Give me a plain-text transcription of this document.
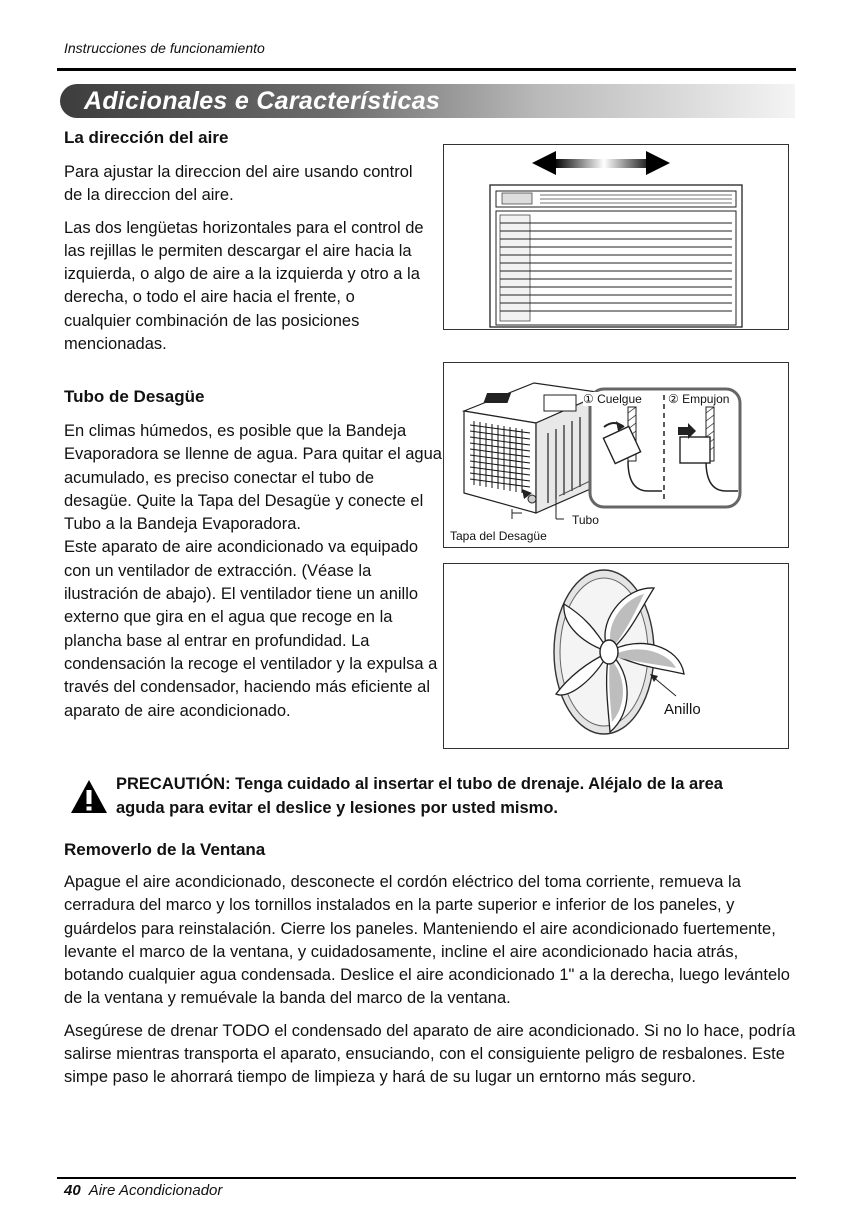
Instrucciones de funcionamiento
Adicionales e Características
La dirección del aire

Para ajustar la direccion del aire usando control de la direccion del aire.

Las dos lengüetas horizontales para el control de las rejillas le permiten descargar el aire hacia la izquierda, o algo de aire a la izquierda y otro a la derecha, o todo el aire hacia el frente, o cualquier combinación de las posiciones mencionadas.

Tubo de Desagüe

En climas húmedos, es posible que la Bandeja Evaporadora se llenne de agua. Para quitar el agua acumulado, es preciso conectar el tubo de desagüe. Quite la Tapa del Desagüe y conecte el Tubo a la Bandeja Evaporadora.

Este aparato de aire acondicionado va equipado con un ventilador de extracción. (Véase la ilustración de abajo). El ventilador tiene un anillo externo que gira en el agua que recoge en la plancha base al entrar en profundidad. La condensación la recoge el ventilador y la expulsa a través del condensador, haciendo más eficiente al aparato de aire acondicionado.

① Cuelgue ② Empujon
Tubo
Tapa del Desagüe
Anillo
PRECAUTIÓN: Tenga cuidado al insertar el tubo de drenaje. Aléjalo de la area aguda para evitar el deslice y lesiones por usted mismo.
Removerlo de la Ventana

Apague el aire acondicionado, desconecte el cordón eléctrico del toma corriente, remueva la cerradura del marco y los tornillos instalados en la parte superior e inferior de los paneles, y guárdelos para reinstalación. Cierre los paneles. Manteniendo el aire acondicionado fuertemente, levante el marco de la ventana, y cuidadosamente, incline el aire acondicionado hacia atrás, botando cualquier agua condensada. Deslice el aire acondicionado 1" a la derecha, luego levántelo de la ventana y remuévale la banda del marco de la ventana.

Asegúrese de drenar TODO el condensado del aparato de aire acondicionado. Si no lo hace, podría salirse mientras transporta el aparato, ensuciando, con el consiguiente peligro de resbalones. Este simpe paso le ahorrará tiempo de limpieza y hará de su lugar un erntorno más seguro.

40 Aire Acondicionador
